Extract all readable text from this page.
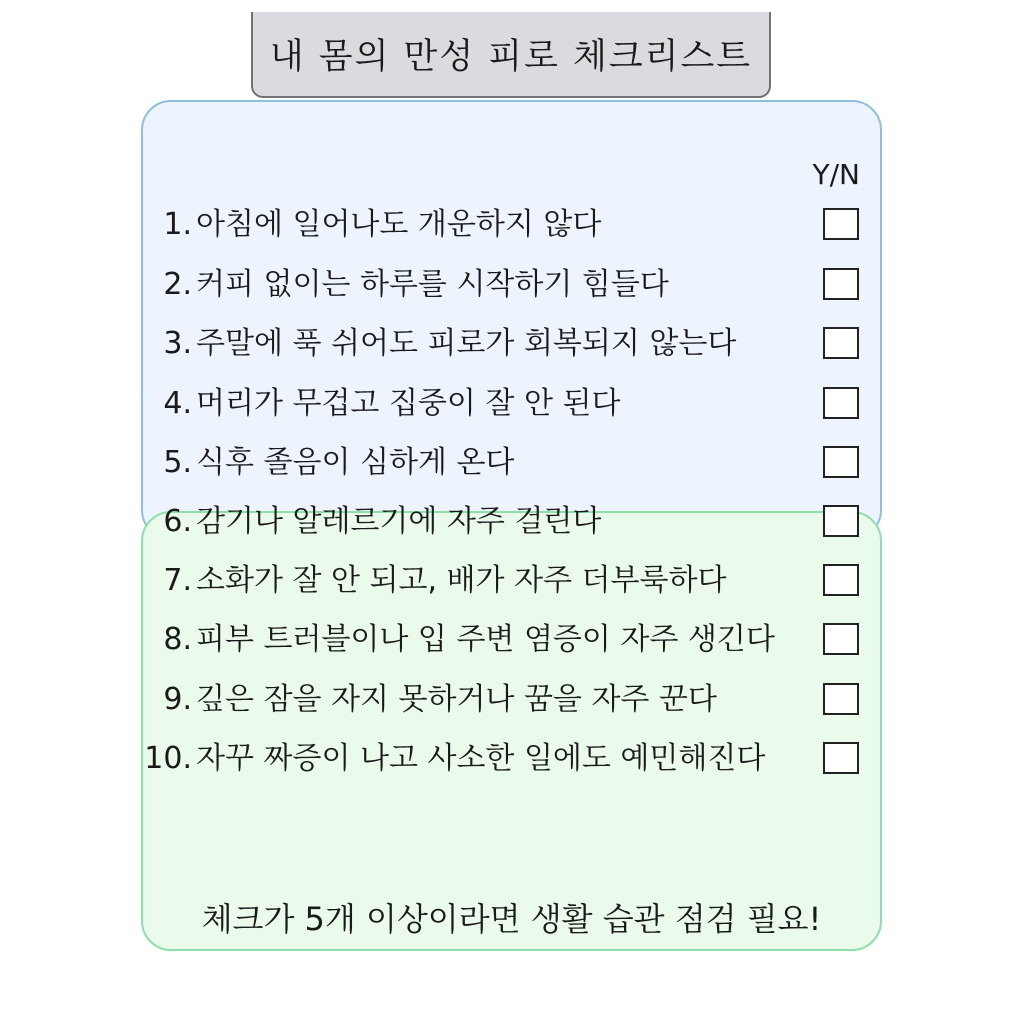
내 몸의 만성 피로 체크리스트
Y/N
1. 아침에 일어나도 개운하지 않다
2. 커피 없이는 하루를 시작하기 힘들다
3. 주말에 푹 쉬어도 피로가 회복되지 않는다
4. 머리가 무겁고 집중이 잘 안 된다
5. 식후 졸음이 심하게 온다
6. 감기나 알레르기에 자주 걸린다
7. 소화가 잘 안 되고, 배가 자주 더부룩하다
8. 피부 트러블이나 입 주변 염증이 자주 생긴다
9. 깊은 잠을 자지 못하거나 꿈을 자주 꾼다
10. 자꾸 짜증이 나고 사소한 일에도 예민해진다
체크가 5개 이상이라면 생활 습관 점검 필요!
